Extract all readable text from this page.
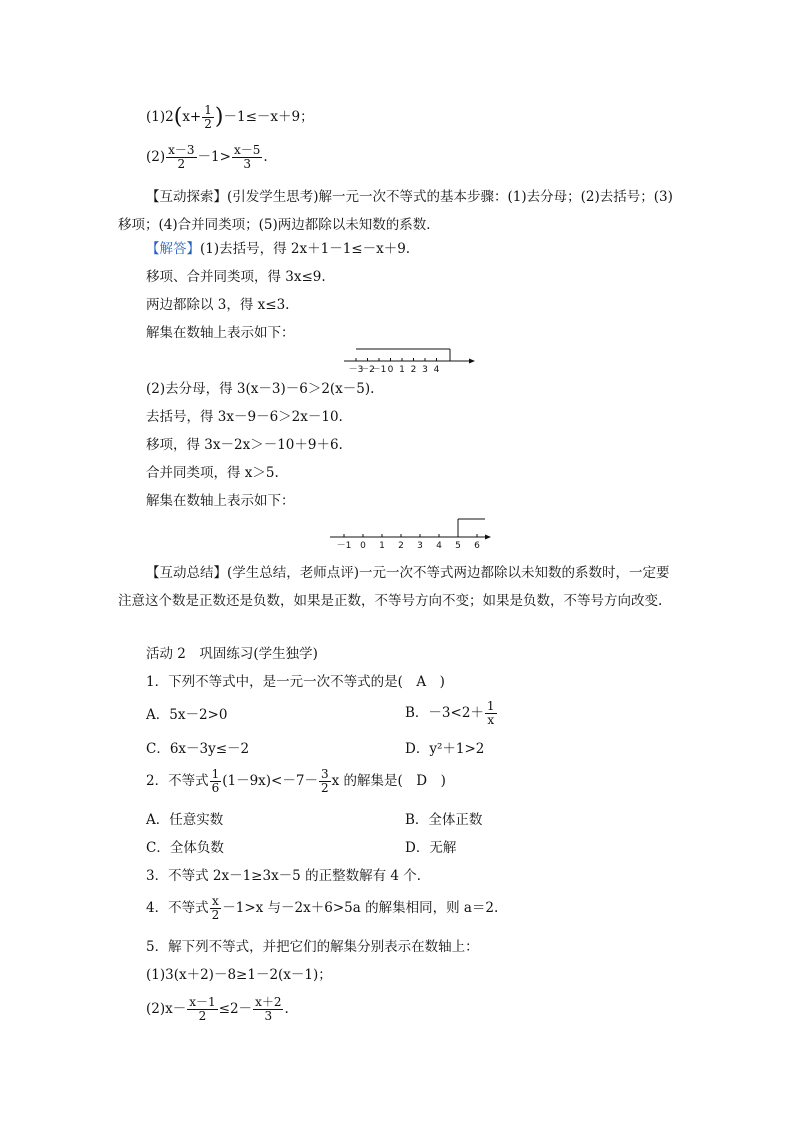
$(1)2(x+ \frac{1}{2} )-1\le-x+9$；
$(2) \frac{x-3}{2} -1> \frac{x-5}{3}$ .
【互动探索】(引发学生思考)解一元一次不等式的基本步骤：(1)去分母；(2)去括号；(3)移项；(4)合并同类项；(5)两边都除以未知数的系数．
【解答】(1)去括号，得 2x＋1－1≤－x＋9.
移项、合并同类项，得 3x≤9.
两边都除以 3，得 x≤3.
解集在数轴上表示如下：
－3
－2
－1 0 1 2 3 4
(2)去分母，得 3(x－3)－6＞2(x－5).
去括号，得 3x－9－6＞2x－10.
移项，得 3x－2x＞－10＋9＋6.
合并同类项，得 x＞5.
解集在数轴上表示如下：
－1 0 1 2 3 4 5 6
【互动总结】(学生总结，老师点评)一元一次不等式两边都除以未知数的系数时，一定要注意这个数是正数还是负数，如果是正数，不等号方向不变；如果是负数，不等号方向改变.
活动 2　巩固练习(学生独学)
1．下列不等式中，是一元一次不等式的是(　A　)
A．5x－2>0	B．$-3<2+ \frac{1}{x}$
C．6x－3y≤－2	D．y²＋1>2
2．不等式 $\frac{1}{6} (1-9x)<-7- \frac{3}{2}$ x 的解集是(　D　)
A．任意实数	B．全体正数
C．全体负数	D．无解
3．不等式 2x－1≥3x－5 的正整数解有 4 个．
4．不等式 $\frac{x}{2} -1>x$ 与－2x＋6>5a 的解集相同，则 a＝2.
5．解下列不等式，并把它们的解集分别表示在数轴上：
(1)3(x＋2)－8≥1－2(x－1)；
$(2)x- \frac{x-1}{2} \le 2- \frac{x+2}{3}$ .
